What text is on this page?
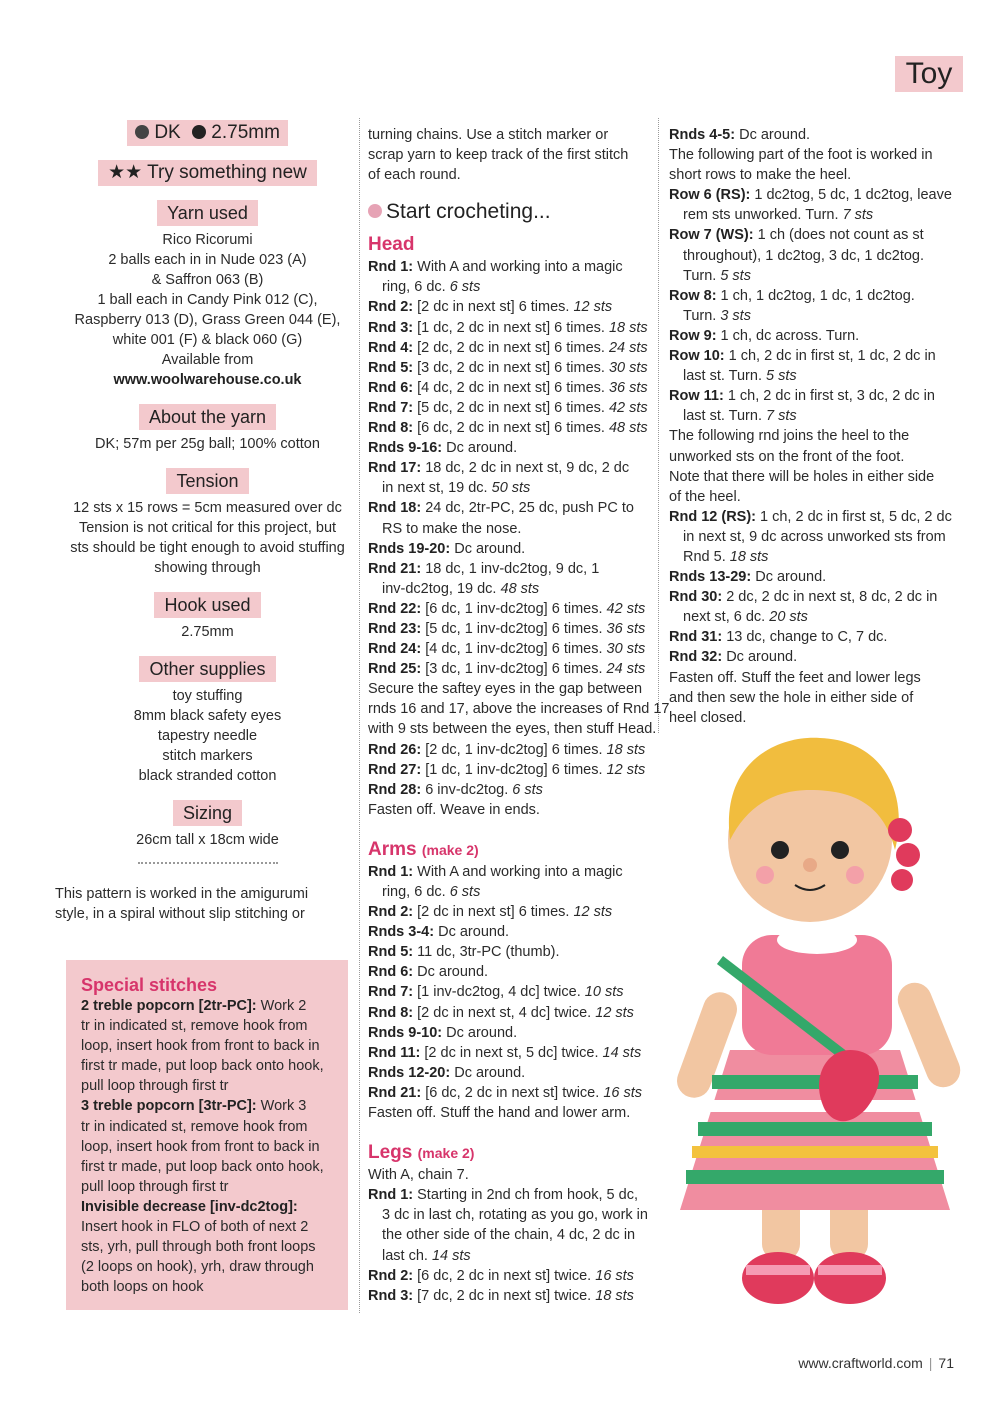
Toy
DK 2.75mm
★★ Try something new
Yarn used
Rico Ricorumi
2 balls each in in Nude 023 (A)
& Saffron 063 (B)
1 ball each in Candy Pink 012 (C),
Raspberry 013 (D), Grass Green 044 (E),
white 001 (F) & black 060 (G)
Available from
www.woolwarehouse.co.uk
About the yarn
DK; 57m per 25g ball; 100% cotton
Tension
12 sts x 15 rows = 5cm measured over dc
Tension is not critical for this project, but
sts should be tight enough to avoid stuffing
showing through
Hook used
2.75mm
Other supplies
toy stuffing
8mm black safety eyes
tapestry needle
stitch markers
black stranded cotton
Sizing
26cm tall x 18cm wide
This pattern is worked in the amigurumi
style, in a spiral without slip stitching or
Special stitches
2 treble popcorn [2tr-PC]: Work 2
tr in indicated st, remove hook from
loop, insert hook from front to back in
first tr made, put loop back onto hook,
pull loop through first tr
3 treble popcorn [3tr-PC]: Work 3
tr in indicated st, remove hook from
loop, insert hook from front to back in
first tr made, put loop back onto hook,
pull loop through first tr
Invisible decrease [inv-dc2tog]:
Insert hook in FLO of both of next 2
sts, yrh, pull through both front loops
(2 loops on hook), yrh, draw through
both loops on hook
turning chains. Use a stitch marker or
scrap yarn to keep track of the first stitch
of each round.
Start crocheting...
Head
Rnd 1: With A and working into a magic
ring, 6 dc. 6 sts
Rnd 2: [2 dc in next st] 6 times. 12 sts
Rnd 3: [1 dc, 2 dc in next st] 6 times. 18 sts
Rnd 4: [2 dc, 2 dc in next st] 6 times. 24 sts
Rnd 5: [3 dc, 2 dc in next st] 6 times. 30 sts
Rnd 6: [4 dc, 2 dc in next st] 6 times. 36 sts
Rnd 7: [5 dc, 2 dc in next st] 6 times. 42 sts
Rnd 8: [6 dc, 2 dc in next st] 6 times. 48 sts
Rnds 9-16: Dc around.
Rnd 17: 18 dc, 2 dc in next st, 9 dc, 2 dc
in next st, 19 dc. 50 sts
Rnd 18: 24 dc, 2tr-PC, 25 dc, push PC to
RS to make the nose.
Rnds 19-20: Dc around.
Rnd 21: 18 dc, 1 inv-dc2tog, 9 dc, 1
inv-dc2tog, 19 dc. 48 sts
Rnd 22: [6 dc, 1 inv-dc2tog] 6 times. 42 sts
Rnd 23: [5 dc, 1 inv-dc2tog] 6 times. 36 sts
Rnd 24: [4 dc, 1 inv-dc2tog] 6 times. 30 sts
Rnd 25: [3 dc, 1 inv-dc2tog] 6 times. 24 sts
Secure the saftey eyes in the gap between
rnds 16 and 17, above the increases of Rnd 17
with 9 sts between the eyes, then stuff Head.
Rnd 26: [2 dc, 1 inv-dc2tog] 6 times. 18 sts
Rnd 27: [1 dc, 1 inv-dc2tog] 6 times. 12 sts
Rnd 28: 6 inv-dc2tog. 6 sts
Fasten off. Weave in ends.
Arms (make 2)
Rnd 1: With A and working into a magic
ring, 6 dc. 6 sts
Rnd 2: [2 dc in next st] 6 times. 12 sts
Rnds 3-4: Dc around.
Rnd 5: 11 dc, 3tr-PC (thumb).
Rnd 6: Dc around.
Rnd 7: [1 inv-dc2tog, 4 dc] twice. 10 sts
Rnd 8: [2 dc in next st, 4 dc] twice. 12 sts
Rnds 9-10: Dc around.
Rnd 11: [2 dc in next st, 5 dc] twice. 14 sts
Rnds 12-20: Dc around.
Rnd 21: [6 dc, 2 dc in next st] twice. 16 sts
Fasten off. Stuff the hand and lower arm.
Legs (make 2)
With A, chain 7.
Rnd 1: Starting in 2nd ch from hook, 5 dc,
3 dc in last ch, rotating as you go, work in
the other side of the chain, 4 dc, 2 dc in
last ch. 14 sts
Rnd 2: [6 dc, 2 dc in next st] twice. 16 sts
Rnd 3: [7 dc, 2 dc in next st] twice. 18 sts
Rnds 4-5: Dc around.
The following part of the foot is worked in
short rows to make the heel.
Row 6 (RS): 1 dc2tog, 5 dc, 1 dc2tog, leave
rem sts unworked. Turn. 7 sts
Row 7 (WS): 1 ch (does not count as st
throughout), 1 dc2tog, 3 dc, 1 dc2tog.
Turn. 5 sts
Row 8: 1 ch, 1 dc2tog, 1 dc, 1 dc2tog.
Turn. 3 sts
Row 9: 1 ch, dc across. Turn.
Row 10: 1 ch, 2 dc in first st, 1 dc, 2 dc in
last st. Turn. 5 sts
Row 11: 1 ch, 2 dc in first st, 3 dc, 2 dc in
last st. Turn. 7 sts
The following rnd joins the heel to the
unworked sts on the front of the foot.
Note that there will be holes in either side
of the heel.
Rnd 12 (RS): 1 ch, 2 dc in first st, 5 dc, 2 dc
in next st, 9 dc across unworked sts from
Rnd 5. 18 sts
Rnds 13-29: Dc around.
Rnd 30: 2 dc, 2 dc in next st, 8 dc, 2 dc in
next st, 6 dc. 20 sts
Rnd 31: 13 dc, change to C, 7 dc.
Rnd 32: Dc around.
Fasten off. Stuff the feet and lower legs
and then sew the hole in either side of
heel closed.
www.craftworld.com | 71
